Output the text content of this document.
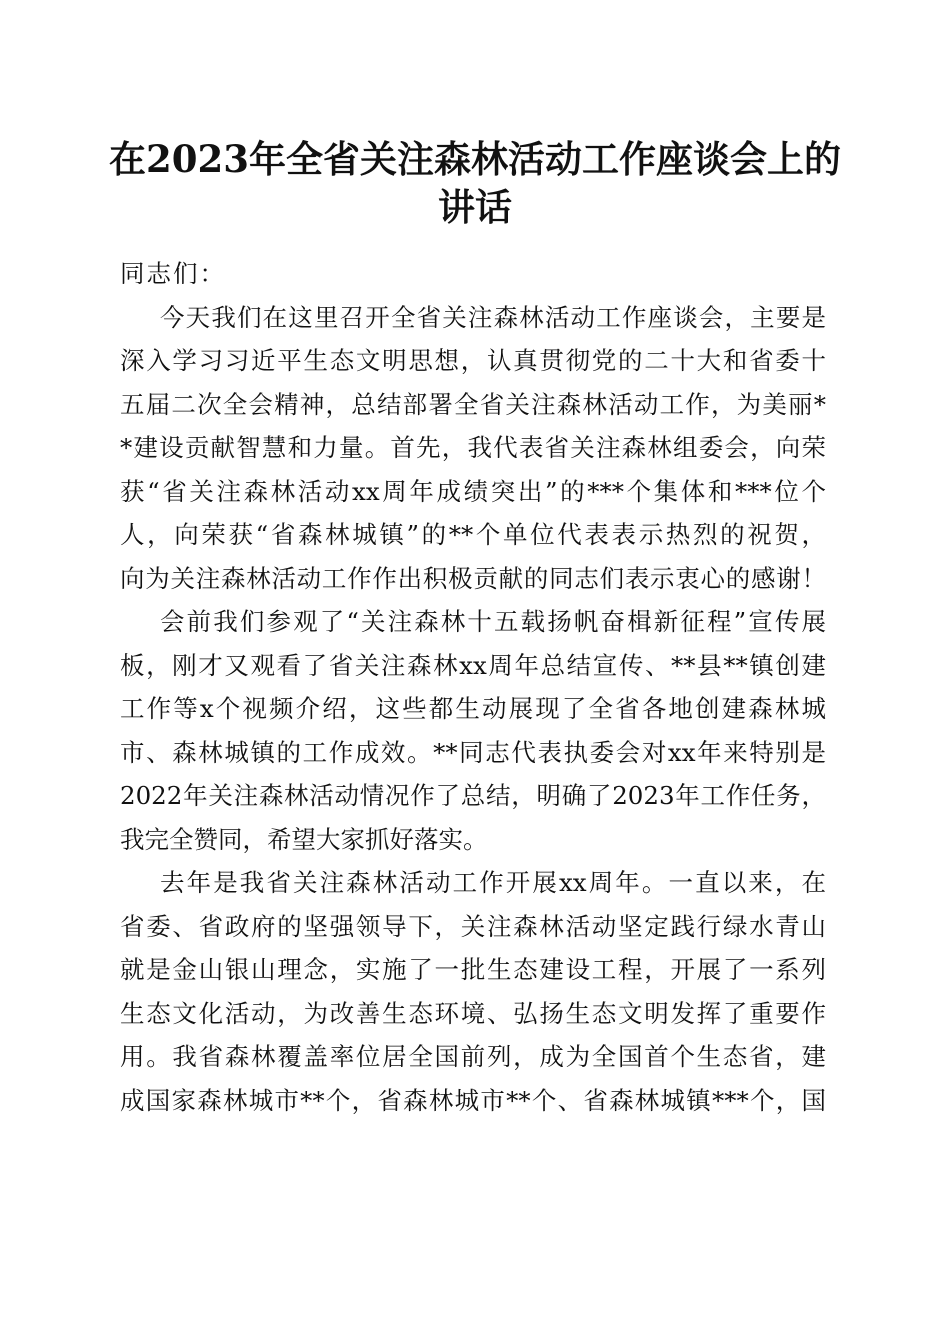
在2023年全省关注森林活动工作座谈会上的
讲话

同志们：

今天我们在这里召开全省关注森林活动工作座谈会，主要是
深入学习习近平生态文明思想，认真贯彻党的二十大和省委十
五届二次全会精神，总结部署全省关注森林活动工作，为美丽*
*建设贡献智慧和力量。首先，我代表省关注森林组委会，向荣
获“省关注森林活动xx周年成绩突出”的***个集体和***位个
人，向荣获“省森林城镇”的**个单位代表表示热烈的祝贺，
向为关注森林活动工作作出积极贡献的同志们表示衷心的感谢！
会前我们参观了“关注森林十五载扬帆奋楫新征程”宣传展
板，刚才又观看了省关注森林xx周年总结宣传、**县**镇创建
工作等x个视频介绍，这些都生动展现了全省各地创建森林城
市、森林城镇的工作成效。**同志代表执委会对xx年来特别是
2022年关注森林活动情况作了总结，明确了2023年工作任务，
我完全赞同，希望大家抓好落实。
去年是我省关注森林活动工作开展xx周年。一直以来，在
省委、省政府的坚强领导下，关注森林活动坚定践行绿水青山
就是金山银山理念，实施了一批生态建设工程，开展了一系列
生态文化活动，为改善生态环境、弘扬生态文明发挥了重要作
用。我省森林覆盖率位居全国前列，成为全国首个生态省，建
成国家森林城市**个，省森林城市**个、省森林城镇***个，国
